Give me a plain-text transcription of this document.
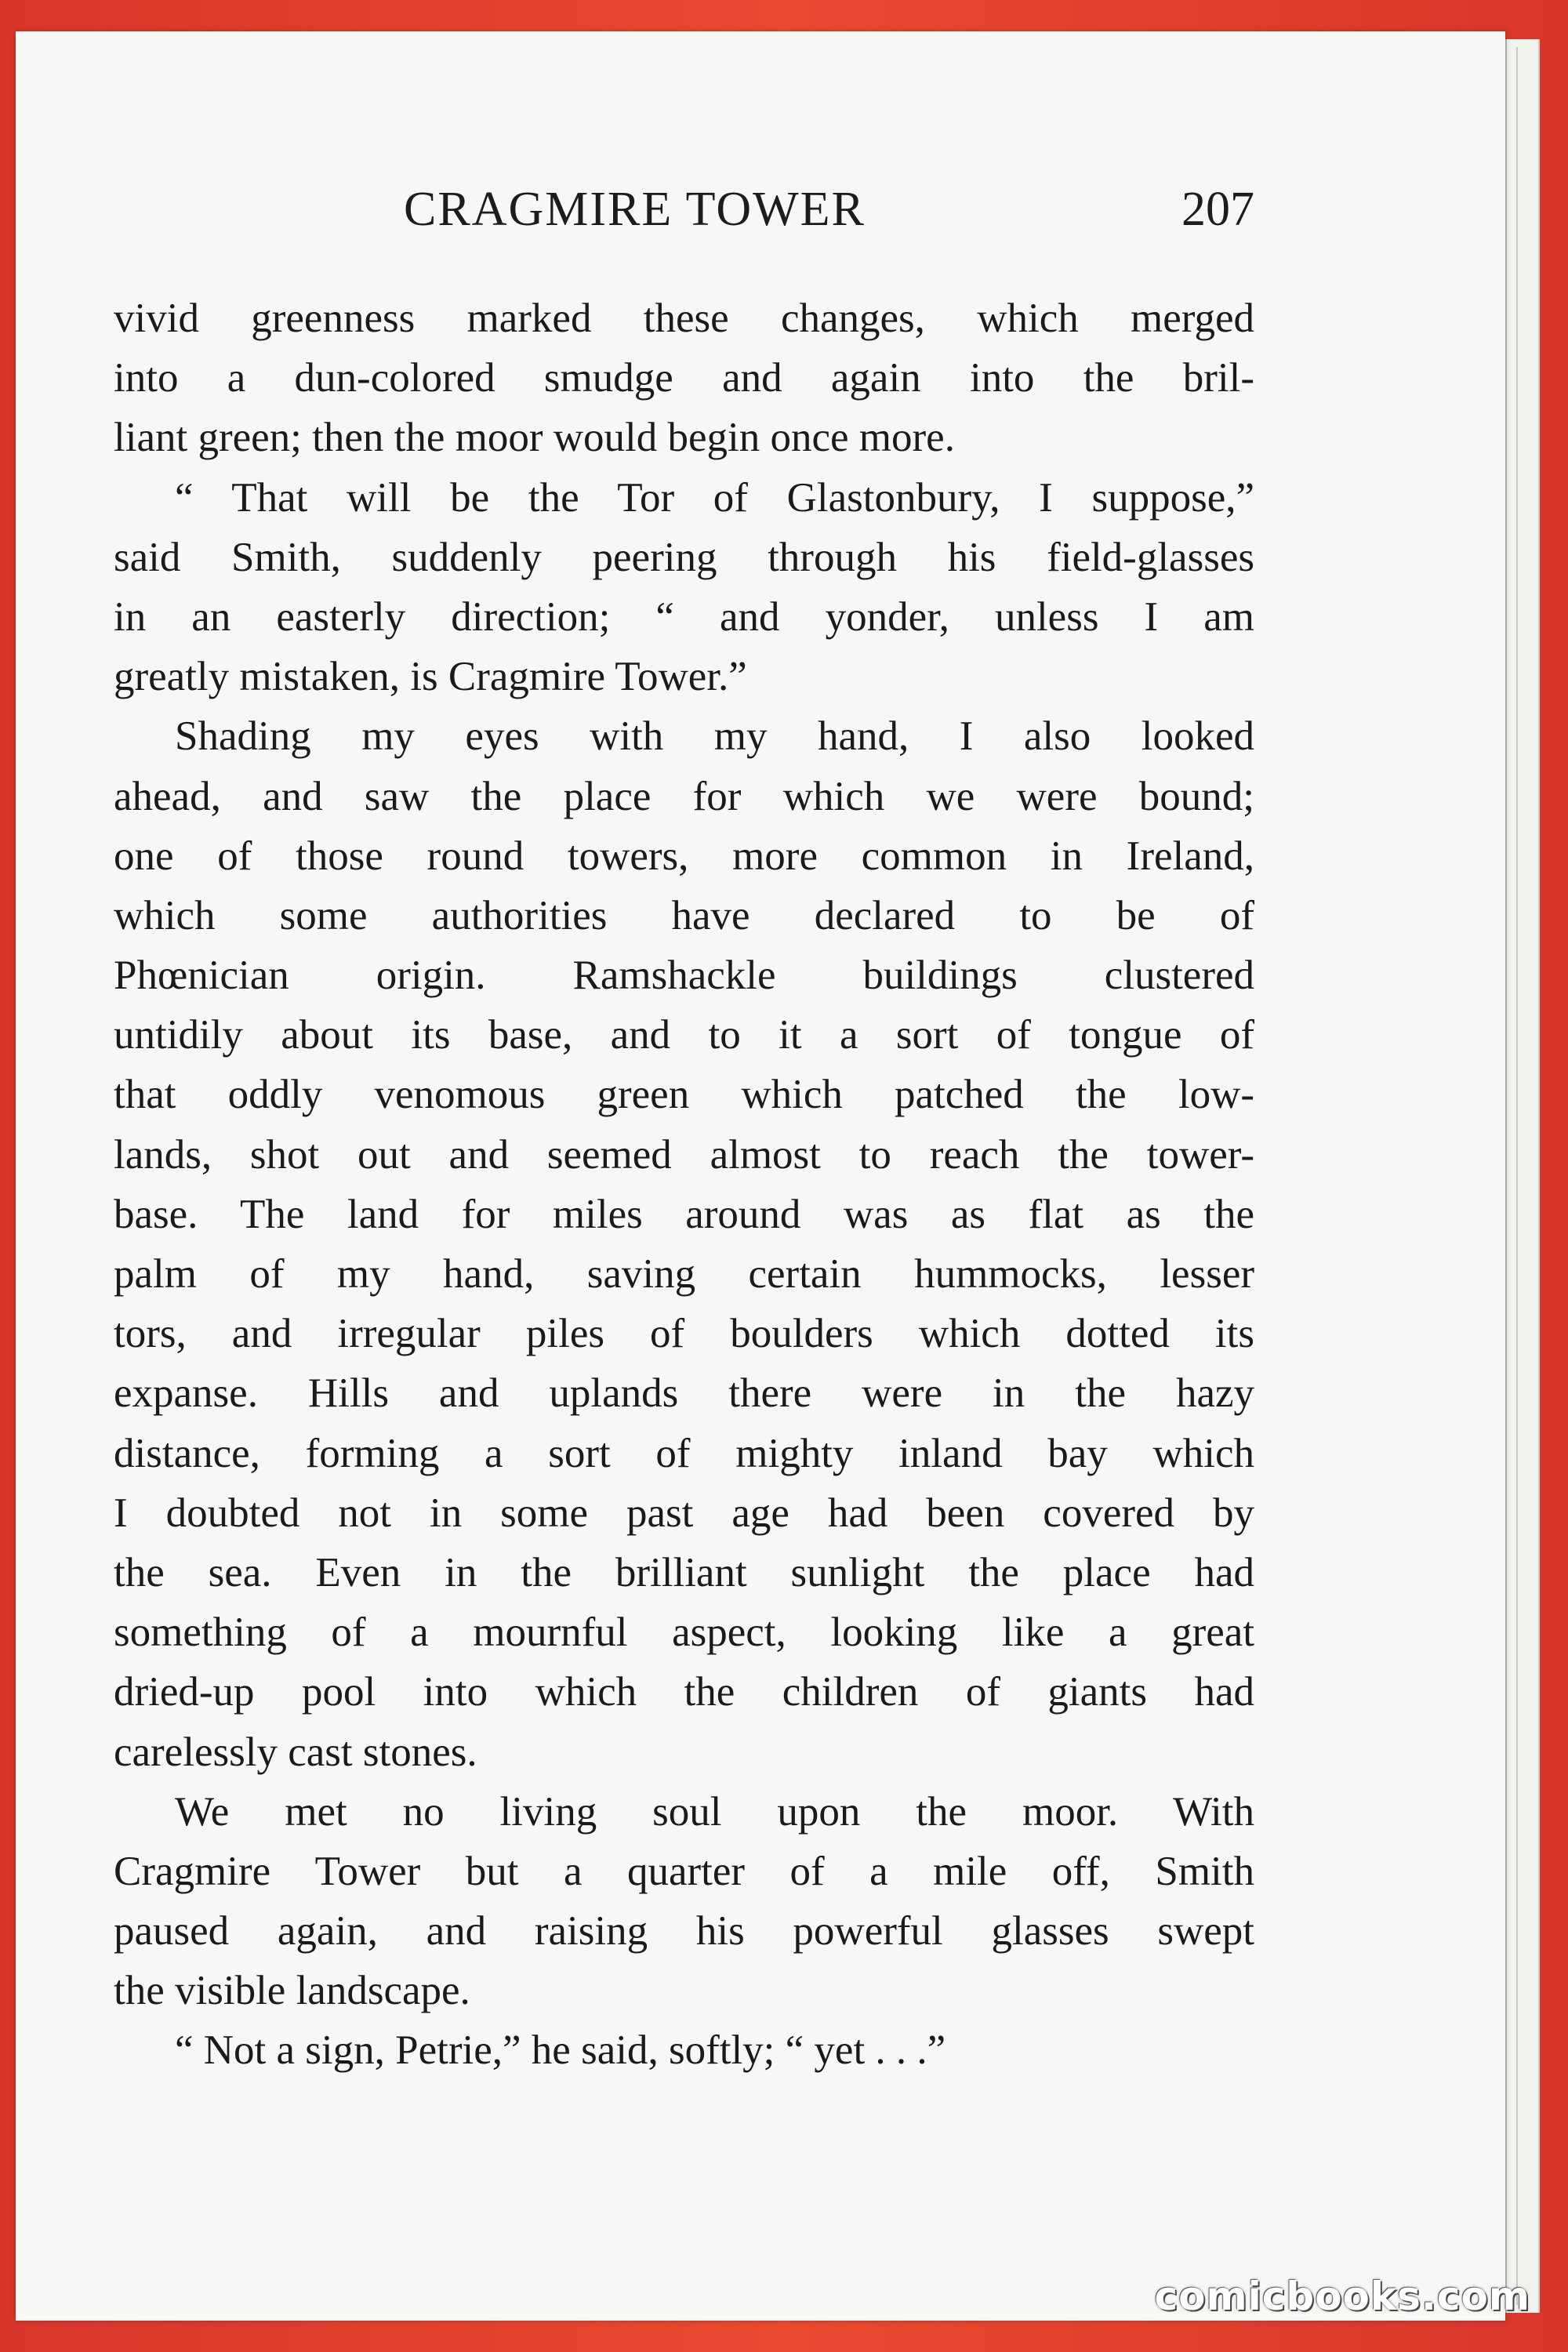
CRAGMIRE TOWER	207
vivid greenness marked these changes, which merged
into a dun-colored smudge and again into the bril-
liant green; then the moor would begin once more.
“ That will be the Tor of Glastonbury, I suppose,”
said Smith, suddenly peering through his field-glasses
in an easterly direction; “ and yonder, unless I am
greatly mistaken, is Cragmire Tower.”
Shading my eyes with my hand, I also looked
ahead, and saw the place for which we were bound;
one of those round towers, more common in Ireland,
which some authorities have declared to be of
Phœnician origin. Ramshackle buildings clustered
untidily about its base, and to it a sort of tongue of
that oddly venomous green which patched the low-
lands, shot out and seemed almost to reach the tower-
base. The land for miles around was as flat as the
palm of my hand, saving certain hummocks, lesser
tors, and irregular piles of boulders which dotted its
expanse. Hills and uplands there were in the hazy
distance, forming a sort of mighty inland bay which
I doubted not in some past age had been covered by
the sea. Even in the brilliant sunlight the place had
something of a mournful aspect, looking like a great
dried-up pool into which the children of giants had
carelessly cast stones.
We met no living soul upon the moor. With
Cragmire Tower but a quarter of a mile off, Smith
paused again, and raising his powerful glasses swept
the visible landscape.
“ Not a sign, Petrie,” he said, softly; “ yet . . .”
comicbooks.com
